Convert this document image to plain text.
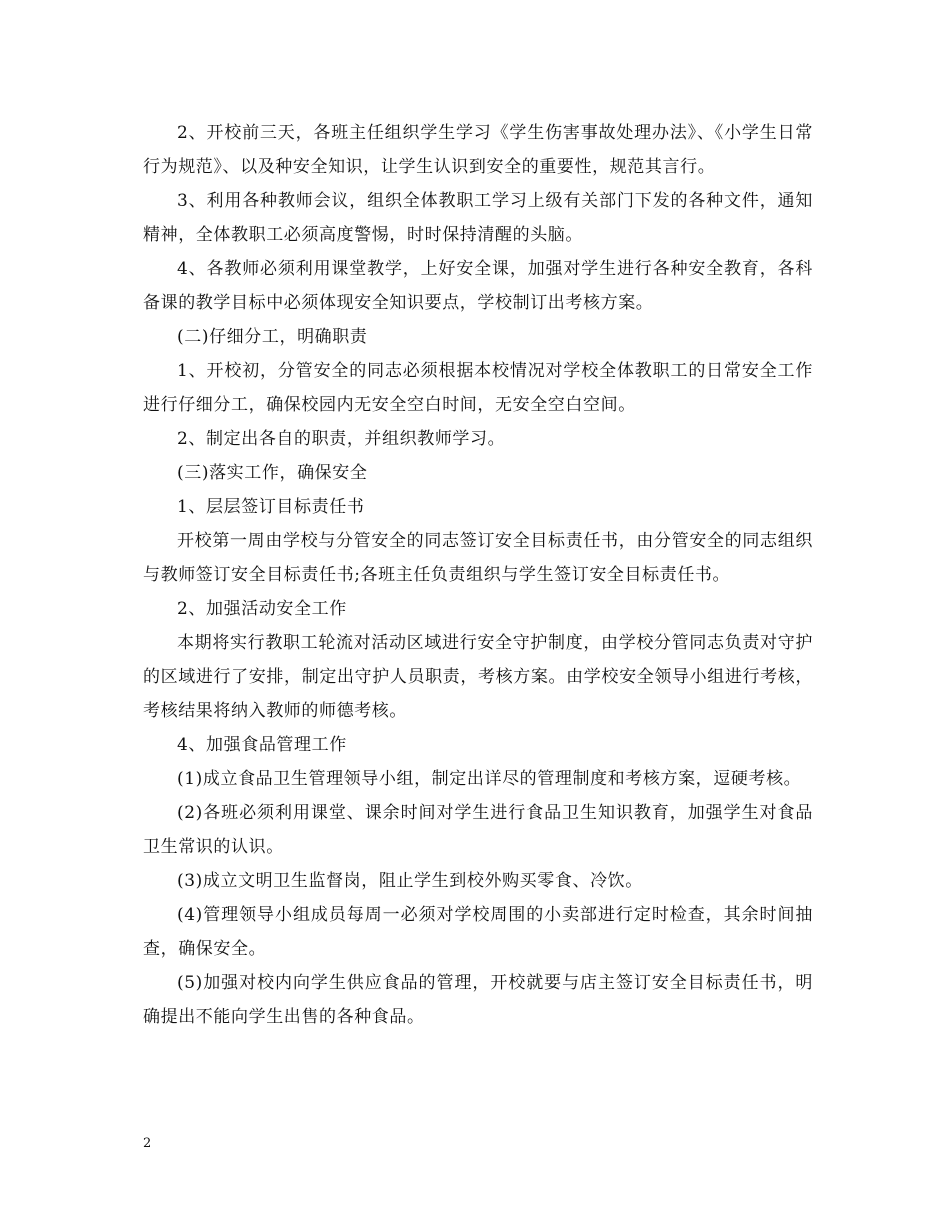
2、开校前三天，各班主任组织学生学习《学生伤害事故处理办法》、《小学生日常行为规范》、以及种安全知识，让学生认识到安全的重要性，规范其言行。

3、利用各种教师会议，组织全体教职工学习上级有关部门下发的各种文件，通知精神，全体教职工必须高度警惕，时时保持清醒的头脑。

4、各教师必须利用课堂教学，上好安全课，加强对学生进行各种安全教育，各科备课的教学目标中必须体现安全知识要点，学校制订出考核方案。

(二)仔细分工，明确职责

1、开校初，分管安全的同志必须根据本校情况对学校全体教职工的日常安全工作进行仔细分工，确保校园内无安全空白时间，无安全空白空间。

2、制定出各自的职责，并组织教师学习。

(三)落实工作，确保安全

1、层层签订目标责任书

开校第一周由学校与分管安全的同志签订安全目标责任书，由分管安全的同志组织与教师签订安全目标责任书;各班主任负责组织与学生签订安全目标责任书。

2、加强活动安全工作

本期将实行教职工轮流对活动区域进行安全守护制度，由学校分管同志负责对守护的区域进行了安排，制定出守护人员职责，考核方案。由学校安全领导小组进行考核，考核结果将纳入教师的师德考核。

4、加强食品管理工作

(1)成立食品卫生管理领导小组，制定出详尽的管理制度和考核方案，逗硬考核。

(2)各班必须利用课堂、课余时间对学生进行食品卫生知识教育，加强学生对食品卫生常识的认识。

(3)成立文明卫生监督岗，阻止学生到校外购买零食、冷饮。

(4)管理领导小组成员每周一必须对学校周围的小卖部进行定时检查，其余时间抽查，确保安全。

(5)加强对校内向学生供应食品的管理，开校就要与店主签订安全目标责任书，明确提出不能向学生出售的各种食品。

2
